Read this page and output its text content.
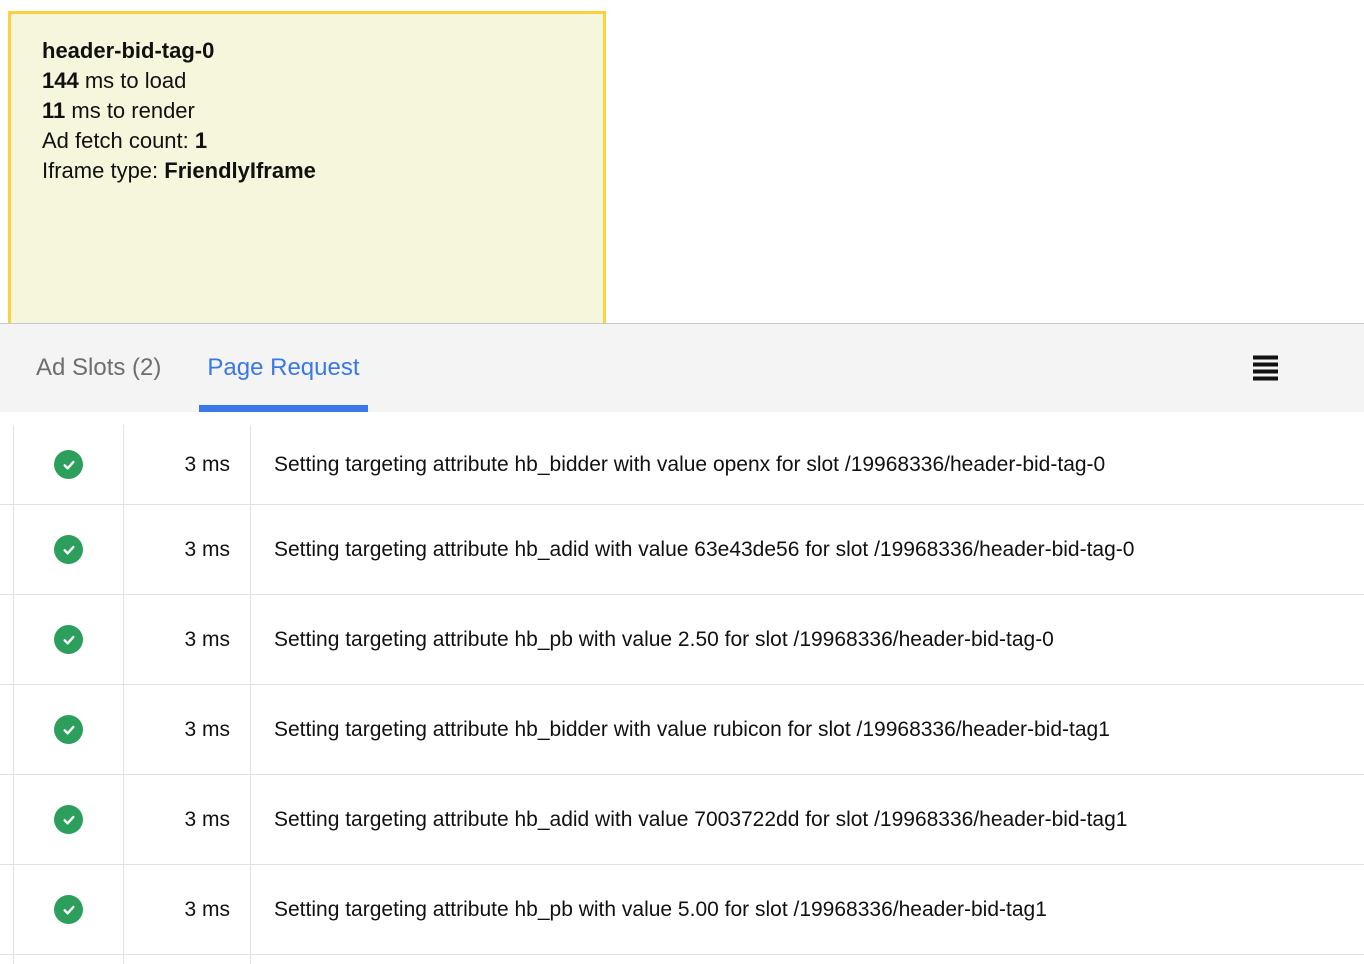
header-bid-tag-0
144 ms to load
11 ms to render
Ad fetch count: 1
Iframe type: FriendlyIframe
Ad Slots (2)	Page Request
3 ms	Setting targeting attribute hb_bidder with value openx for slot /19968336/header-bid-tag-0
3 ms	Setting targeting attribute hb_adid with value 63e43de56 for slot /19968336/header-bid-tag-0
3 ms	Setting targeting attribute hb_pb with value 2.50 for slot /19968336/header-bid-tag-0
3 ms	Setting targeting attribute hb_bidder with value rubicon for slot /19968336/header-bid-tag1
3 ms	Setting targeting attribute hb_adid with value 7003722dd for slot /19968336/header-bid-tag1
3 ms	Setting targeting attribute hb_pb with value 5.00 for slot /19968336/header-bid-tag1
